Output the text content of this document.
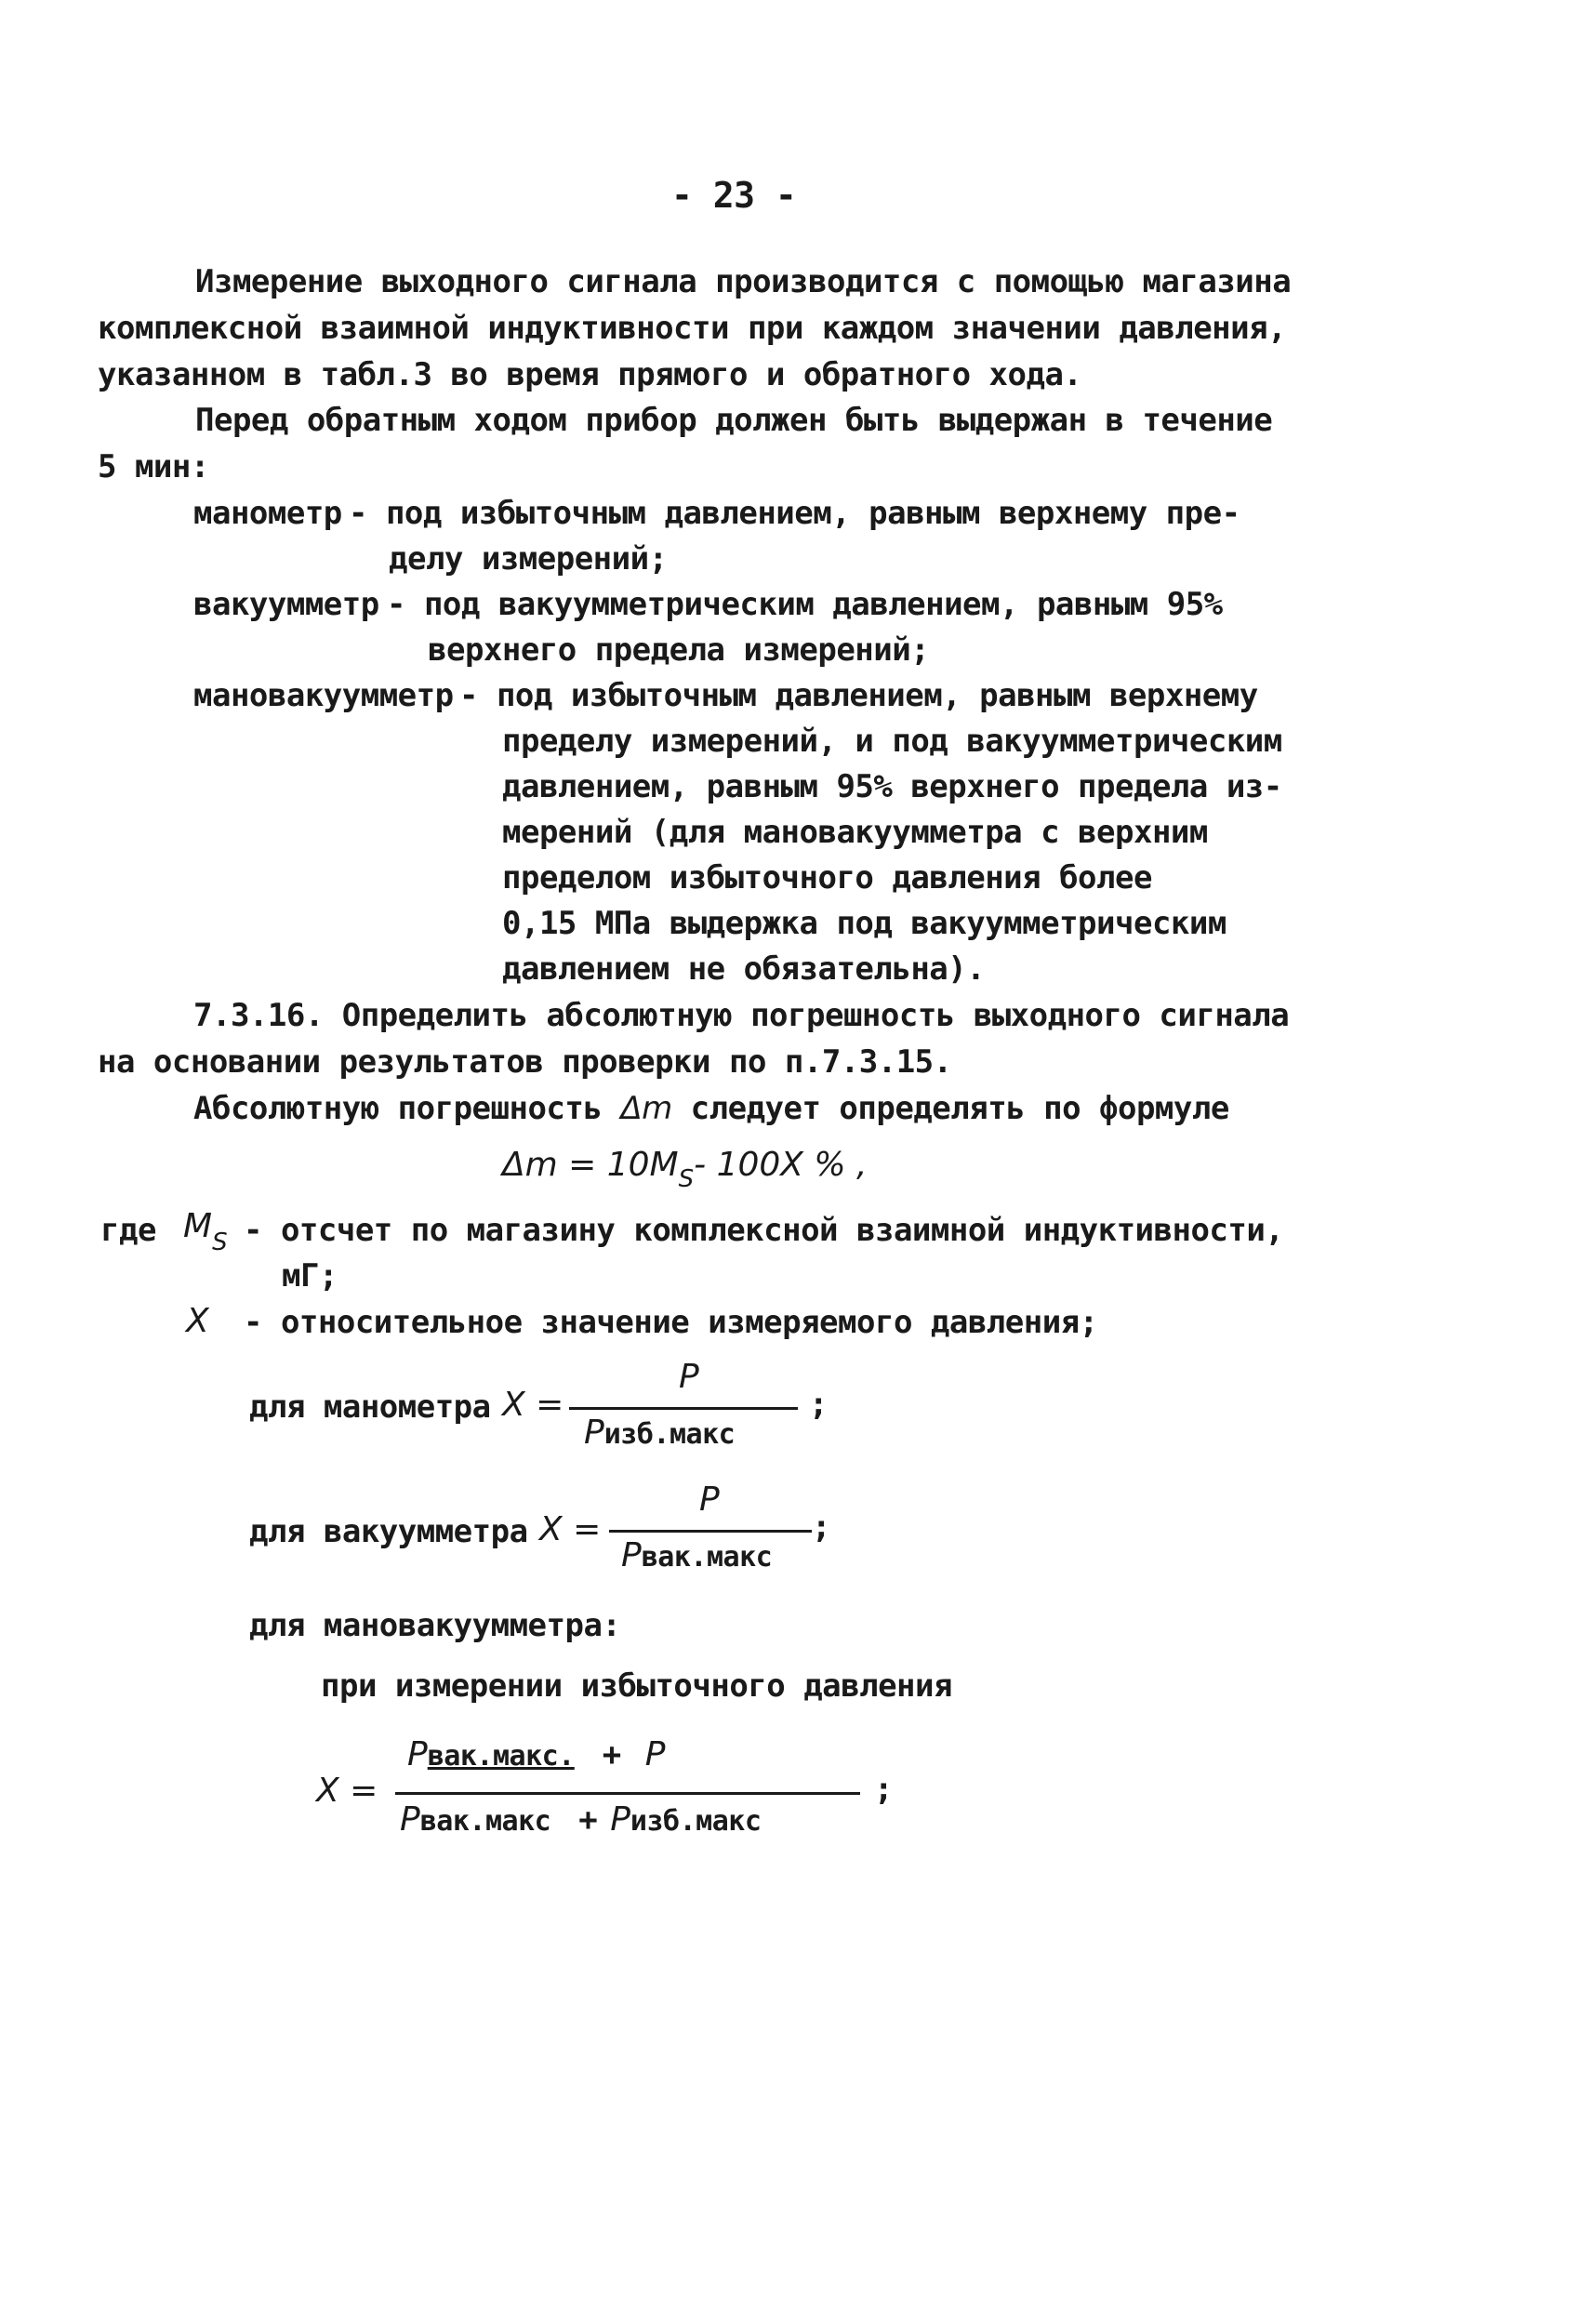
- 23 -
Измерение выходного сигнала производится с помощью магазина
комплексной взаимной индуктивности при каждом значении давления,
указанном в табл.3 во время прямого и обратного хода.
Перед обратным ходом прибор должен быть выдержан в течение
5 мин:
манометр - под избыточным давлением, равным верхнему пре-
делу измерений;
вакуумметр - под вакуумметрическим давлением, равным 95%
верхнего предела измерений;
мановакуумметр - под избыточным давлением, равным верхнему
пределу измерений, и под вакуумметрическим
давлением, равным 95% верхнего предела из-
мерений (для мановакуумметра с верхним
пределом избыточного давления более
0,15 МПа выдержка под вакуумметрическим
давлением не обязательна).
7.3.16. Определить абсолютную погрешность выходного сигнала
на основании результатов проверки по п.7.3.15.
Абсолютную погрешность Δm следует определять по формуле
$\Delta m = 10M_S-$ 100X % ,
где $M_S$ - отсчет по магазину комплексной взаимной индуктивности,
мГ;
X - относительное значение измеряемого давления;
для манометра X =
P
Pизб.макс
;
для вакуумметра X =
P
Pвак.макс
;
для мановакуумметра:
при измерении избыточного давления
X =
Pвак.макс. + P
Pвак.макс + Pизб.макс
;
